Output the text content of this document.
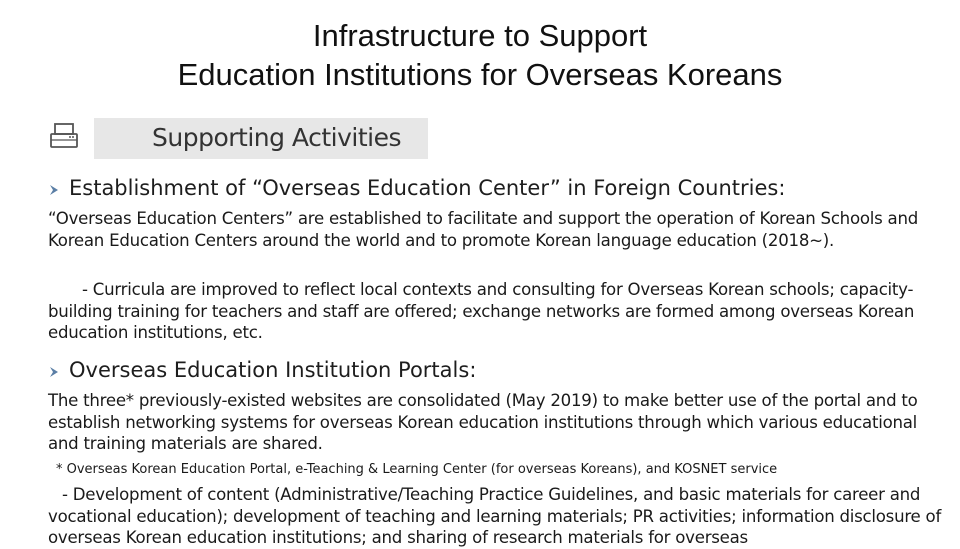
Infrastructure to Support
Education Institutions for Overseas Koreans
Supporting Activities
Establishment of “Overseas Education Center” in Foreign Countries:
“Overseas Education Centers” are established to facilitate and support the operation of Korean Schools and Korean Education Centers around the world and to promote Korean language education (2018~).
- Curricula are improved to reflect local contexts and consulting for Overseas Korean schools; capacity-building training for teachers and staff are offered; exchange networks are formed among overseas Korean education institutions, etc.
Overseas Education Institution Portals:
The three* previously-existed websites are consolidated (May 2019) to make better use of the portal and to establish networking systems for overseas Korean education institutions through which various educational and training materials are shared.
* Overseas Korean Education Portal, e-Teaching & Learning Center (for overseas Koreans), and KOSNET service
- Development of content (Administrative/Teaching Practice Guidelines, and basic materials for career and vocational education); development of teaching and learning materials; PR activities; information disclosure of overseas Korean education institutions; and sharing of research materials for overseas
